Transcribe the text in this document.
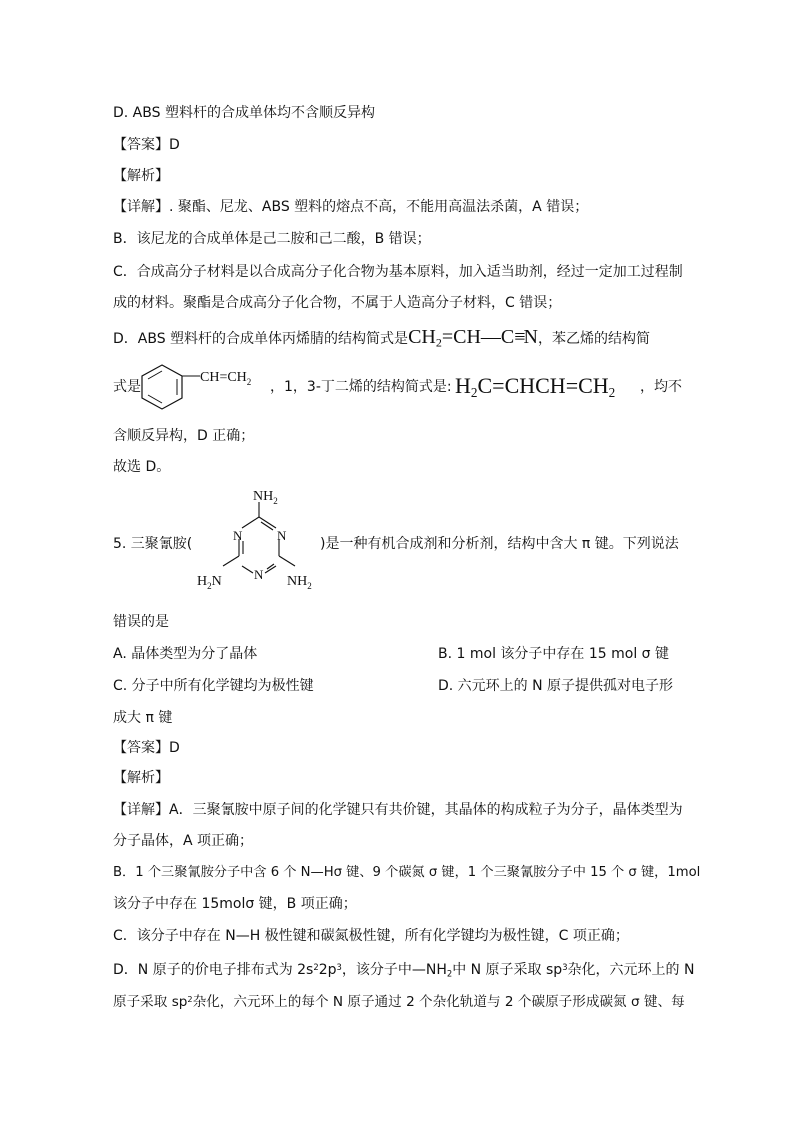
D. ABS 塑料杆的合成单体均不含顺反异构
【答案】D
【解析】
【详解】. 聚酯、尼龙、ABS 塑料的熔点不高，不能用高温法杀菌，A 错误；
B．该尼龙的合成单体是己二胺和己二酸，B 错误；
C．合成高分子材料是以合成高分子化合物为基本原料，加入适当助剂，经过一定加工过程制
成的材料。聚酯是合成高分子化合物，不属于人造高分子材料，C 错误；
D．ABS 塑料杆的合成单体丙烯腈的结构简式是$CH_2=CH—C\equiv N$，苯乙烯的结构简
式是
$CH=CH_2$ ，1，3-丁二烯的结构简式是: $H_2C=CHCH=CH_2$ ，均不
含顺反异构，D 正确；
故选 D。
5. 三聚氰胺(
$NH_2$
N	N
N
$H_2N$	$NH_2$
)是一种有机合成剂和分析剂，结构中含大 π 键。下列说法
错误的是
A. 晶体类型为分了晶体	B. 1 mol 该分子中存在 15 mol σ 键
C. 分子中所有化学键均为极性键	D. 六元环上的 N 原子提供孤对电子形
成大 π 键
【答案】D
【解析】
【详解】A．三聚氰胺中原子间的化学键只有共价键，其晶体的构成粒子为分子，晶体类型为
分子晶体，A 项正确；
B．1 个三聚氰胺分子中含 6 个 N—Hσ 键、9 个碳氮 σ 键，1 个三聚氰胺分子中 15 个 σ 键，1mol
该分子中存在 15molσ 键，B 项正确；
C．该分子中存在 N—H 极性键和碳氮极性键，所有化学键均为极性键，C 项正确；
D．N 原子的价电子排布式为 $2s^22p^3$，该分子中$—NH_2$中 N 原子采取 $sp^3$杂化，六元环上的 N
原子采取 $sp^2$杂化，六元环上的每个 N 原子通过 2 个杂化轨道与 2 个碳原子形成碳氮 σ 键、每
